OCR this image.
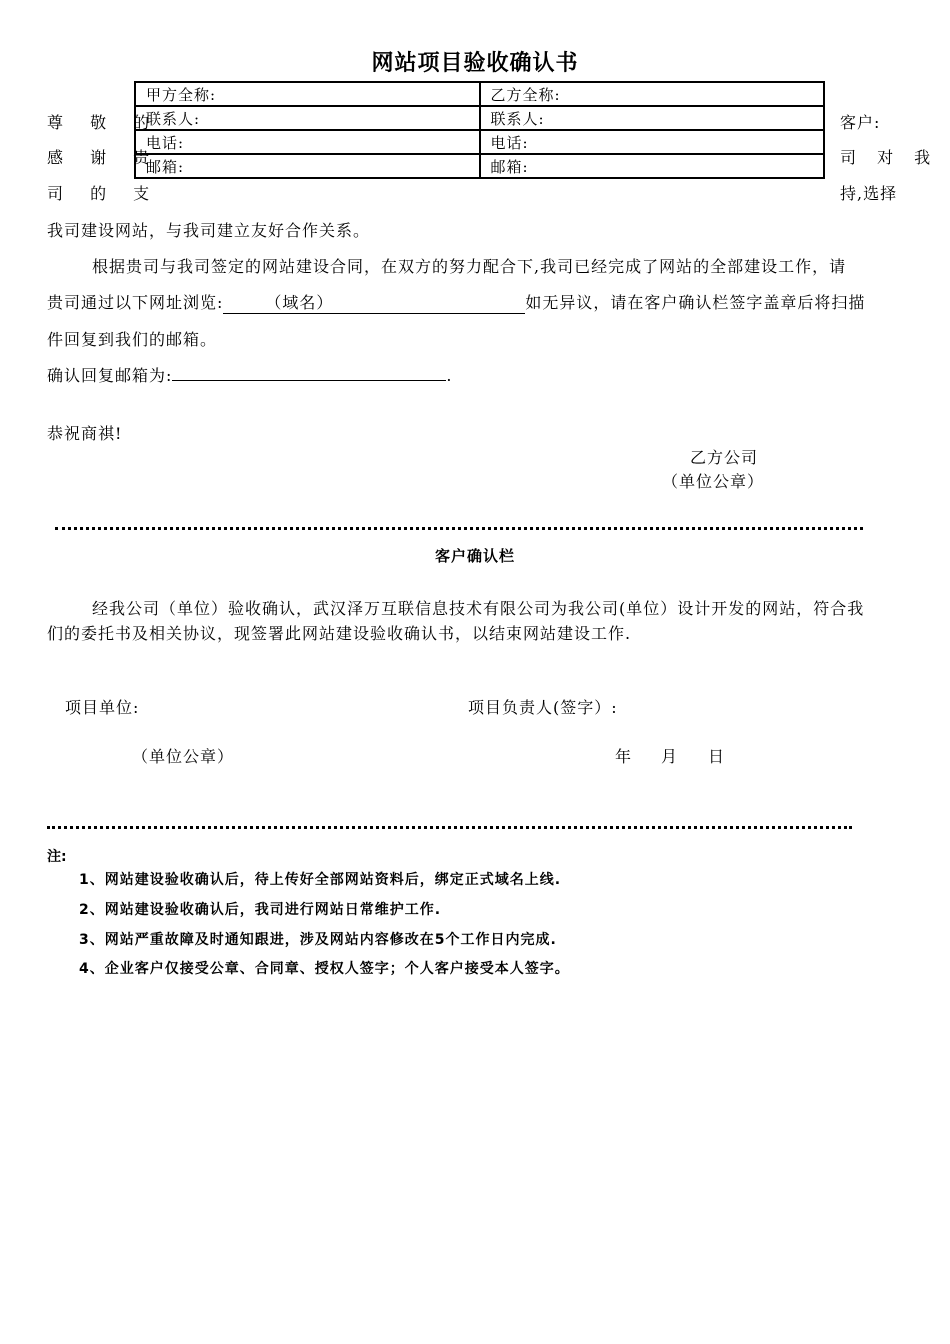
网站项目验收确认书
甲方全称:	乙方全称:
联系人:	联系人:
电话:	电话:
邮箱:	邮箱:
尊 敬 的
感 谢 贵
司 的 支
客户:
司 对 我
持,选择
我司建设网站，与我司建立友好合作关系。
根据贵司与我司签定的网站建设合同，在双方的努力配合下,我司已经完成了网站的全部建设工作，请
贵司通过以下网址浏览:	（域名）	如无异议，请在客户确认栏签字盖章后将扫描
件回复到我们的邮箱。
确认回复邮箱为:	.
恭祝商祺!
乙方公司
（单位公章）
客户确认栏
经我公司（单位）验收确认，武汉泽万互联信息技术有限公司为我公司(单位）设计开发的网站，符合我
们的委托书及相关协议，现签署此网站建设验收确认书，以结束网站建设工作.
项目单位:	项目负责人(签字）:
（单位公章）	年 月 日
注:
1、网站建设验收确认后，待上传好全部网站资料后，绑定正式域名上线.
2、网站建设验收确认后，我司进行网站日常维护工作.
3、网站严重故障及时通知跟进，涉及网站内容修改在5个工作日内完成.
4、企业客户仅接受公章、合同章、授权人签字；个人客户接受本人签字。
